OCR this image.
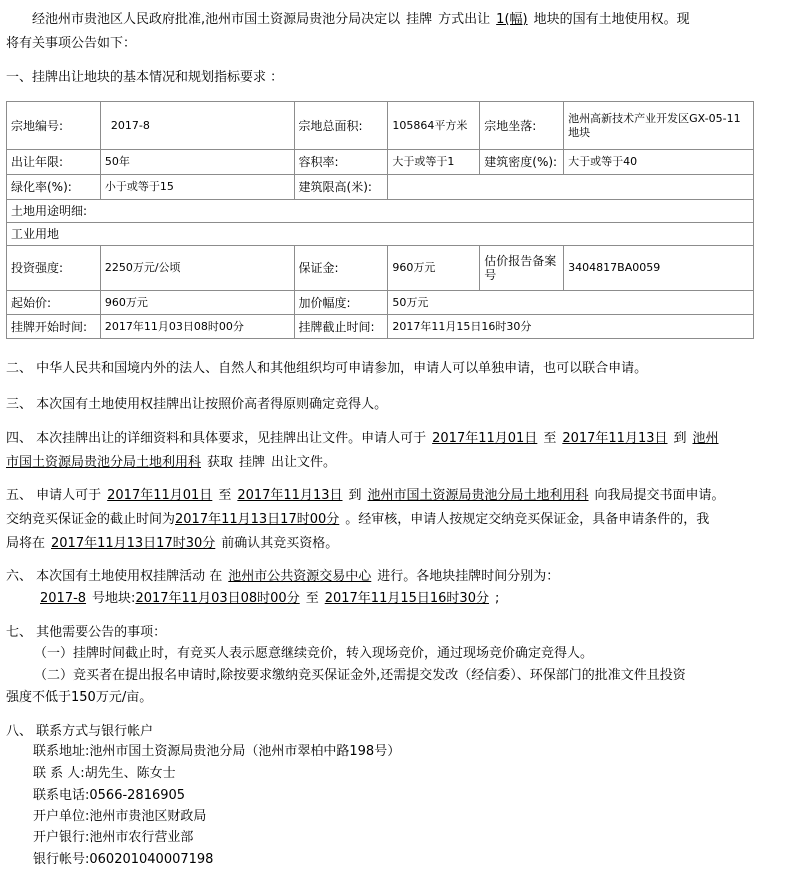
经池州市贵池区人民政府批准,池州市国土资源局贵池分局决定以 挂牌 方式出让 1(幅) 地块的国有土地使用权。现
将有关事项公告如下：
一、挂牌出让地块的基本情况和规划指标要求 ：
宗地编号:	2017-8	宗地总面积:	105864平方米	宗地坐落:	池州高新技术产业开发区GX-05-11地块
出让年限:	50年	容积率:	大于或等于1	建筑密度(%):	大于或等于40
绿化率(%):	小于或等于15	建筑限高(米):			
土地用途明细:					
工业用地					
投资强度:	2250万元/公顷	保证金:	960万元	估价报告备案号	3404817BA0059
起始价:	960万元	加价幅度:	50万元		
挂牌开始时间:	2017年11月03日08时00分	挂牌截止时间:	2017年11月15日16时30分		
二、 中华人民共和国境内外的法人、自然人和其他组织均可申请参加，申请人可以单独申请，也可以联合申请。
三、 本次国有土地使用权挂牌出让按照价高者得原则确定竞得人。
四、 本次挂牌出让的详细资料和具体要求，见挂牌出让文件。申请人可于 2017年11月01日 至 2017年11月13日 到 池州
市国土资源局贵池分局土地利用科 获取 挂牌 出让文件。
五、 申请人可于 2017年11月01日 至 2017年11月13日 到 池州市国土资源局贵池分局土地利用科 向我局提交书面申请。
交纳竞买保证金的截止时间为2017年11月13日17时00分 。经审核，申请人按规定交纳竞买保证金，具备申请条件的，我
局将在 2017年11月13日17时30分 前确认其竞买资格。
六、 本次国有土地使用权挂牌活动 在 池州市公共资源交易中心 进行。各地块挂牌时间分别为：
2017-8 号地块:2017年11月03日08时00分 至 2017年11月15日16时30分 ;
七、 其他需要公告的事项：
（一）挂牌时间截止时，有竞买人表示愿意继续竞价，转入现场竞价，通过现场竞价确定竞得人。
（二）竞买者在提出报名申请时,除按要求缴纳竞买保证金外,还需提交发改（经信委）、环保部门的批准文件且投资
强度不低于150万元/亩。
八、 联系方式与银行帐户
联系地址:池州市国土资源局贵池分局（池州市翠柏中路198号）
联 系 人:胡先生、陈女士
联系电话:0566-2816905
开户单位:池州市贵池区财政局
开户银行:池州市农行营业部
银行帐号:060201040007198
